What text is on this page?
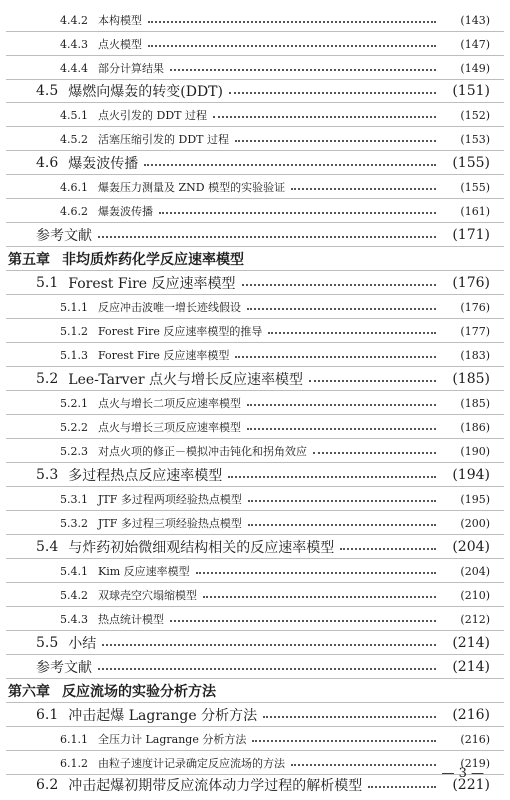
4.4.2 本构模型	(143)
4.4.3 点火模型	(147)
4.4.4 部分计算结果	(149)
4.5 爆燃向爆轰的转变(DDT)	(151)
4.5.1 点火引发的 DDT 过程	(152)
4.5.2 活塞压缩引发的 DDT 过程	(153)
4.6 爆轰波传播	(155)
4.6.1 爆轰压力测量及 ZND 模型的实验验证	(155)
4.6.2 爆轰波传播	(161)
参考文献	(171)
第五章 非均质炸药化学反应速率模型
5.1 Forest Fire 反应速率模型	(176)
5.1.1 反应冲击波唯一增长迹线假设	(176)
5.1.2 Forest Fire 反应速率模型的推导	(177)
5.1.3 Forest Fire 反应速率模型	(183)
5.2 Lee-Tarver 点火与增长反应速率模型	(185)
5.2.1 点火与增长二项反应速率模型	(185)
5.2.2 点火与增长三项反应速率模型	(186)
5.2.3 对点火项的修正－模拟冲击钝化和拐角效应	(190)
5.3 多过程热点反应速率模型	(194)
5.3.1 JTF 多过程两项经验热点模型	(195)
5.3.2 JTF 多过程三项经验热点模型	(200)
5.4 与炸药初始微细观结构相关的反应速率模型	(204)
5.4.1 Kim 反应速率模型	(204)
5.4.2 双球壳空穴塌缩模型	(210)
5.4.3 热点统计模型	(212)
5.5 小结	(214)
参考文献	(214)
第六章 反应流场的实验分析方法
6.1 冲击起爆 Lagrange 分析方法	(216)
6.1.1 全压力计 Lagrange 分析方法	(216)
6.1.2 由粒子速度计记录确定反应流场的方法	(219)
6.2 冲击起爆初期带反应流体动力学过程的解析模型	(221)
— 3 —
